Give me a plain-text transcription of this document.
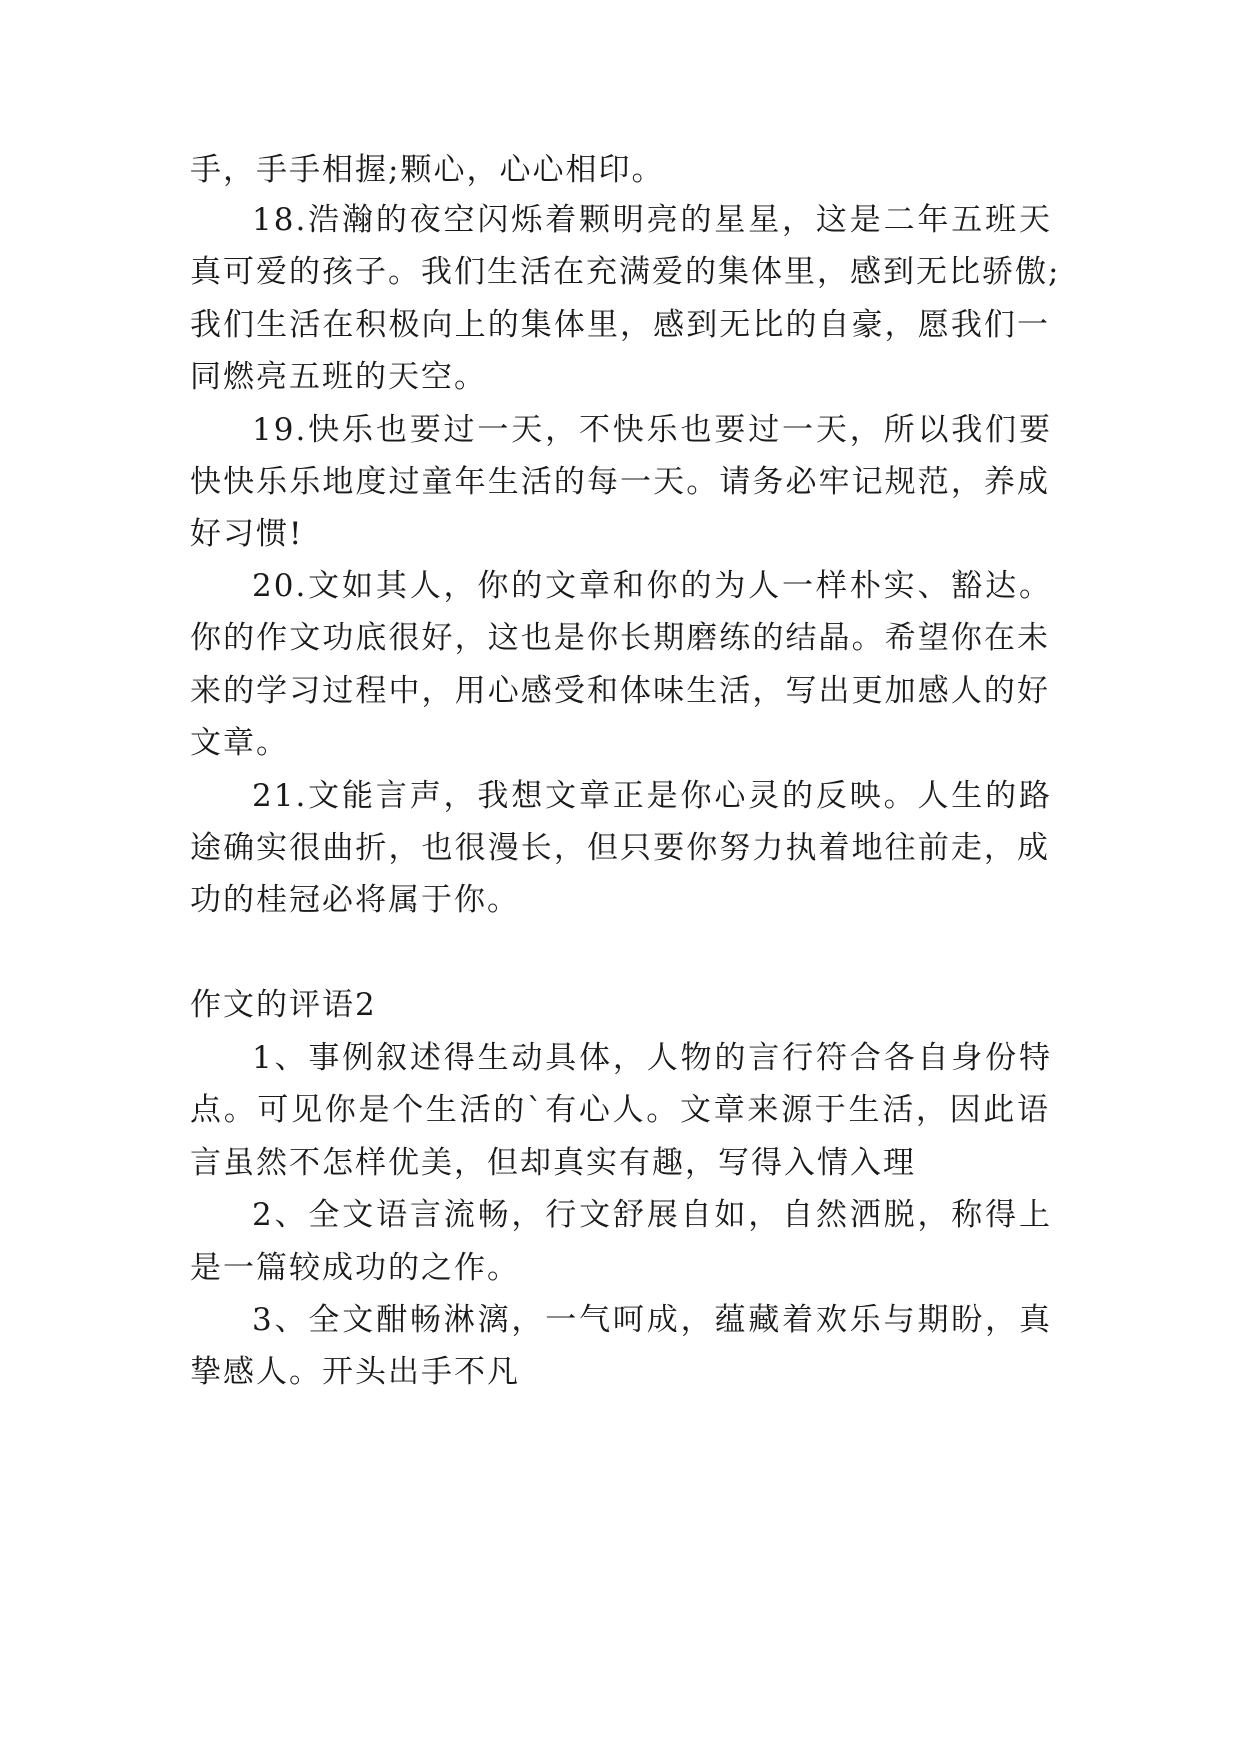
手，手手相握;颗心，心心相印。
18.浩瀚的夜空闪烁着颗明亮的星星，这是二年五班天
真可爱的孩子。我们生活在充满爱的集体里，感到无比骄傲;
我们生活在积极向上的集体里，感到无比的自豪，愿我们一
同燃亮五班的天空。
19.快乐也要过一天，不快乐也要过一天，所以我们要
快快乐乐地度过童年生活的每一天。请务必牢记规范，养成
好习惯!
20.文如其人，你的文章和你的为人一样朴实、豁达。
你的作文功底很好，这也是你长期磨练的结晶。希望你在未
来的学习过程中，用心感受和体味生活，写出更加感人的好
文章。
21.文能言声，我想文章正是你心灵的反映。人生的路
途确实很曲折，也很漫长，但只要你努力执着地往前走，成
功的桂冠必将属于你。
作文的评语2
1、事例叙述得生动具体，人物的言行符合各自身份特
点。可见你是个生活的`有心人。文章来源于生活，因此语
言虽然不怎样优美，但却真实有趣，写得入情入理
2、全文语言流畅，行文舒展自如，自然洒脱，称得上
是一篇较成功的之作。
3、全文酣畅淋漓，一气呵成，蕴藏着欢乐与期盼，真
挚感人。开头出手不凡
